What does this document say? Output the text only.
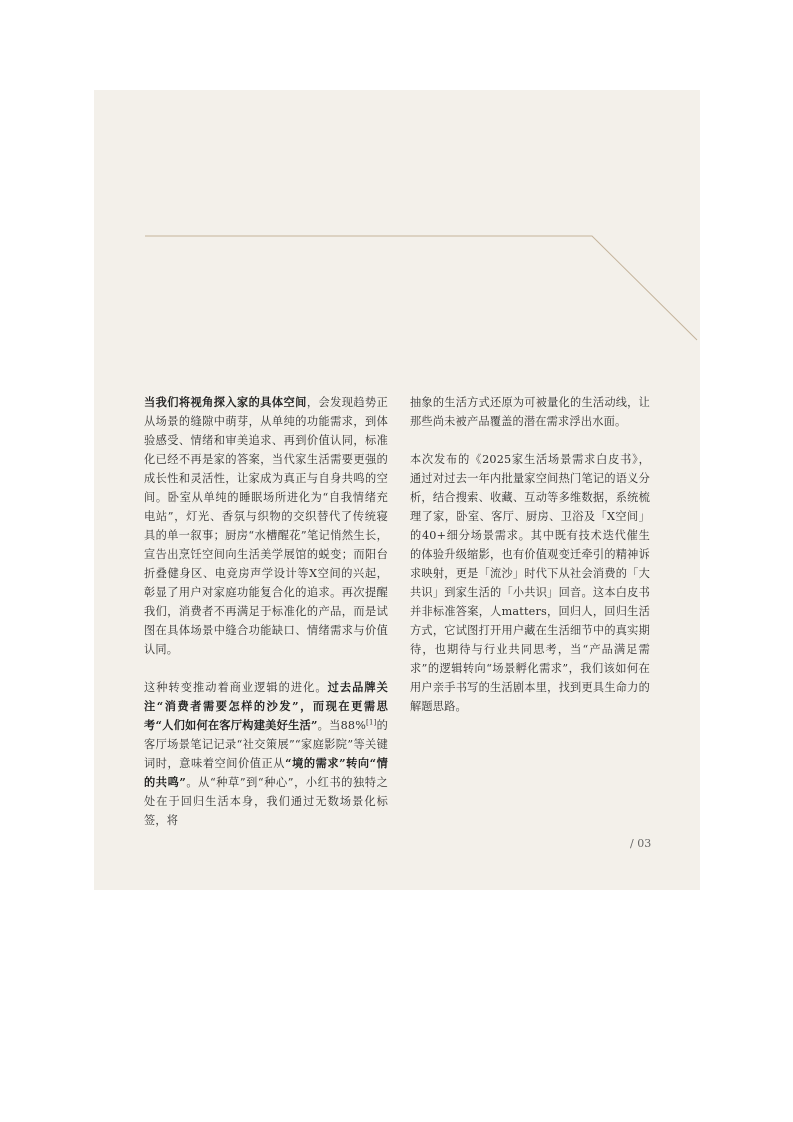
当我们将视角探入家的具体空间，会发现趋势正从场景的缝隙中萌芽，从单纯的功能需求，到体验感受、情绪和审美追求、再到价值认同，标准化已经不再是家的答案，当代家生活需要更强的成长性和灵活性，让家成为真正与自身共鸣的空间。卧室从单纯的睡眠场所进化为“自我情绪充电站”，灯光、香氛与织物的交织替代了传统寝具的单一叙事；厨房“水槽醒花”笔记悄然生长，宣告出烹饪空间向生活美学展馆的蜕变；而阳台折叠健身区、电竞房声学设计等X空间的兴起，彰显了用户对家庭功能复合化的追求。再次提醒我们，消费者不再满足于标准化的产品，而是试图在具体场景中缝合功能缺口、情绪需求与价值认同。

这种转变推动着商业逻辑的进化。过去品牌关注“消费者需要怎样的沙发”，而现在更需思考“人们如何在客厅构建美好生活”。当88%[1]的客厅场景笔记记录“社交策展”“家庭影院”等关键词时，意味着空间价值正从“境的需求”转向“情的共鸣”。从“种草”到“种心”，小红书的独特之处在于回归生活本身，我们通过无数场景化标签，将

抽象的生活方式还原为可被量化的生活动线，让那些尚未被产品覆盖的潜在需求浮出水面。

本次发布的《2025家生活场景需求白皮书》，通过对过去一年内批量家空间热门笔记的语义分析，结合搜索、收藏、互动等多维数据，系统梳理了家，卧室、客厅、厨房、卫浴及「X空间」的40+细分场景需求。其中既有技术迭代催生的体验升级缩影，也有价值观变迁牵引的精神诉求映射，更是「流沙」时代下从社会消费的「大共识」到家生活的「小共识」回音。这本白皮书并非标准答案，人matters，回归人，回归生活方式，它试图打开用户藏在生活细节中的真实期待，也期待与行业共同思考，当“产品满足需求”的逻辑转向“场景孵化需求”，我们该如何在用户亲手书写的生活剧本里，找到更具生命力的解题思路。

/ 03
